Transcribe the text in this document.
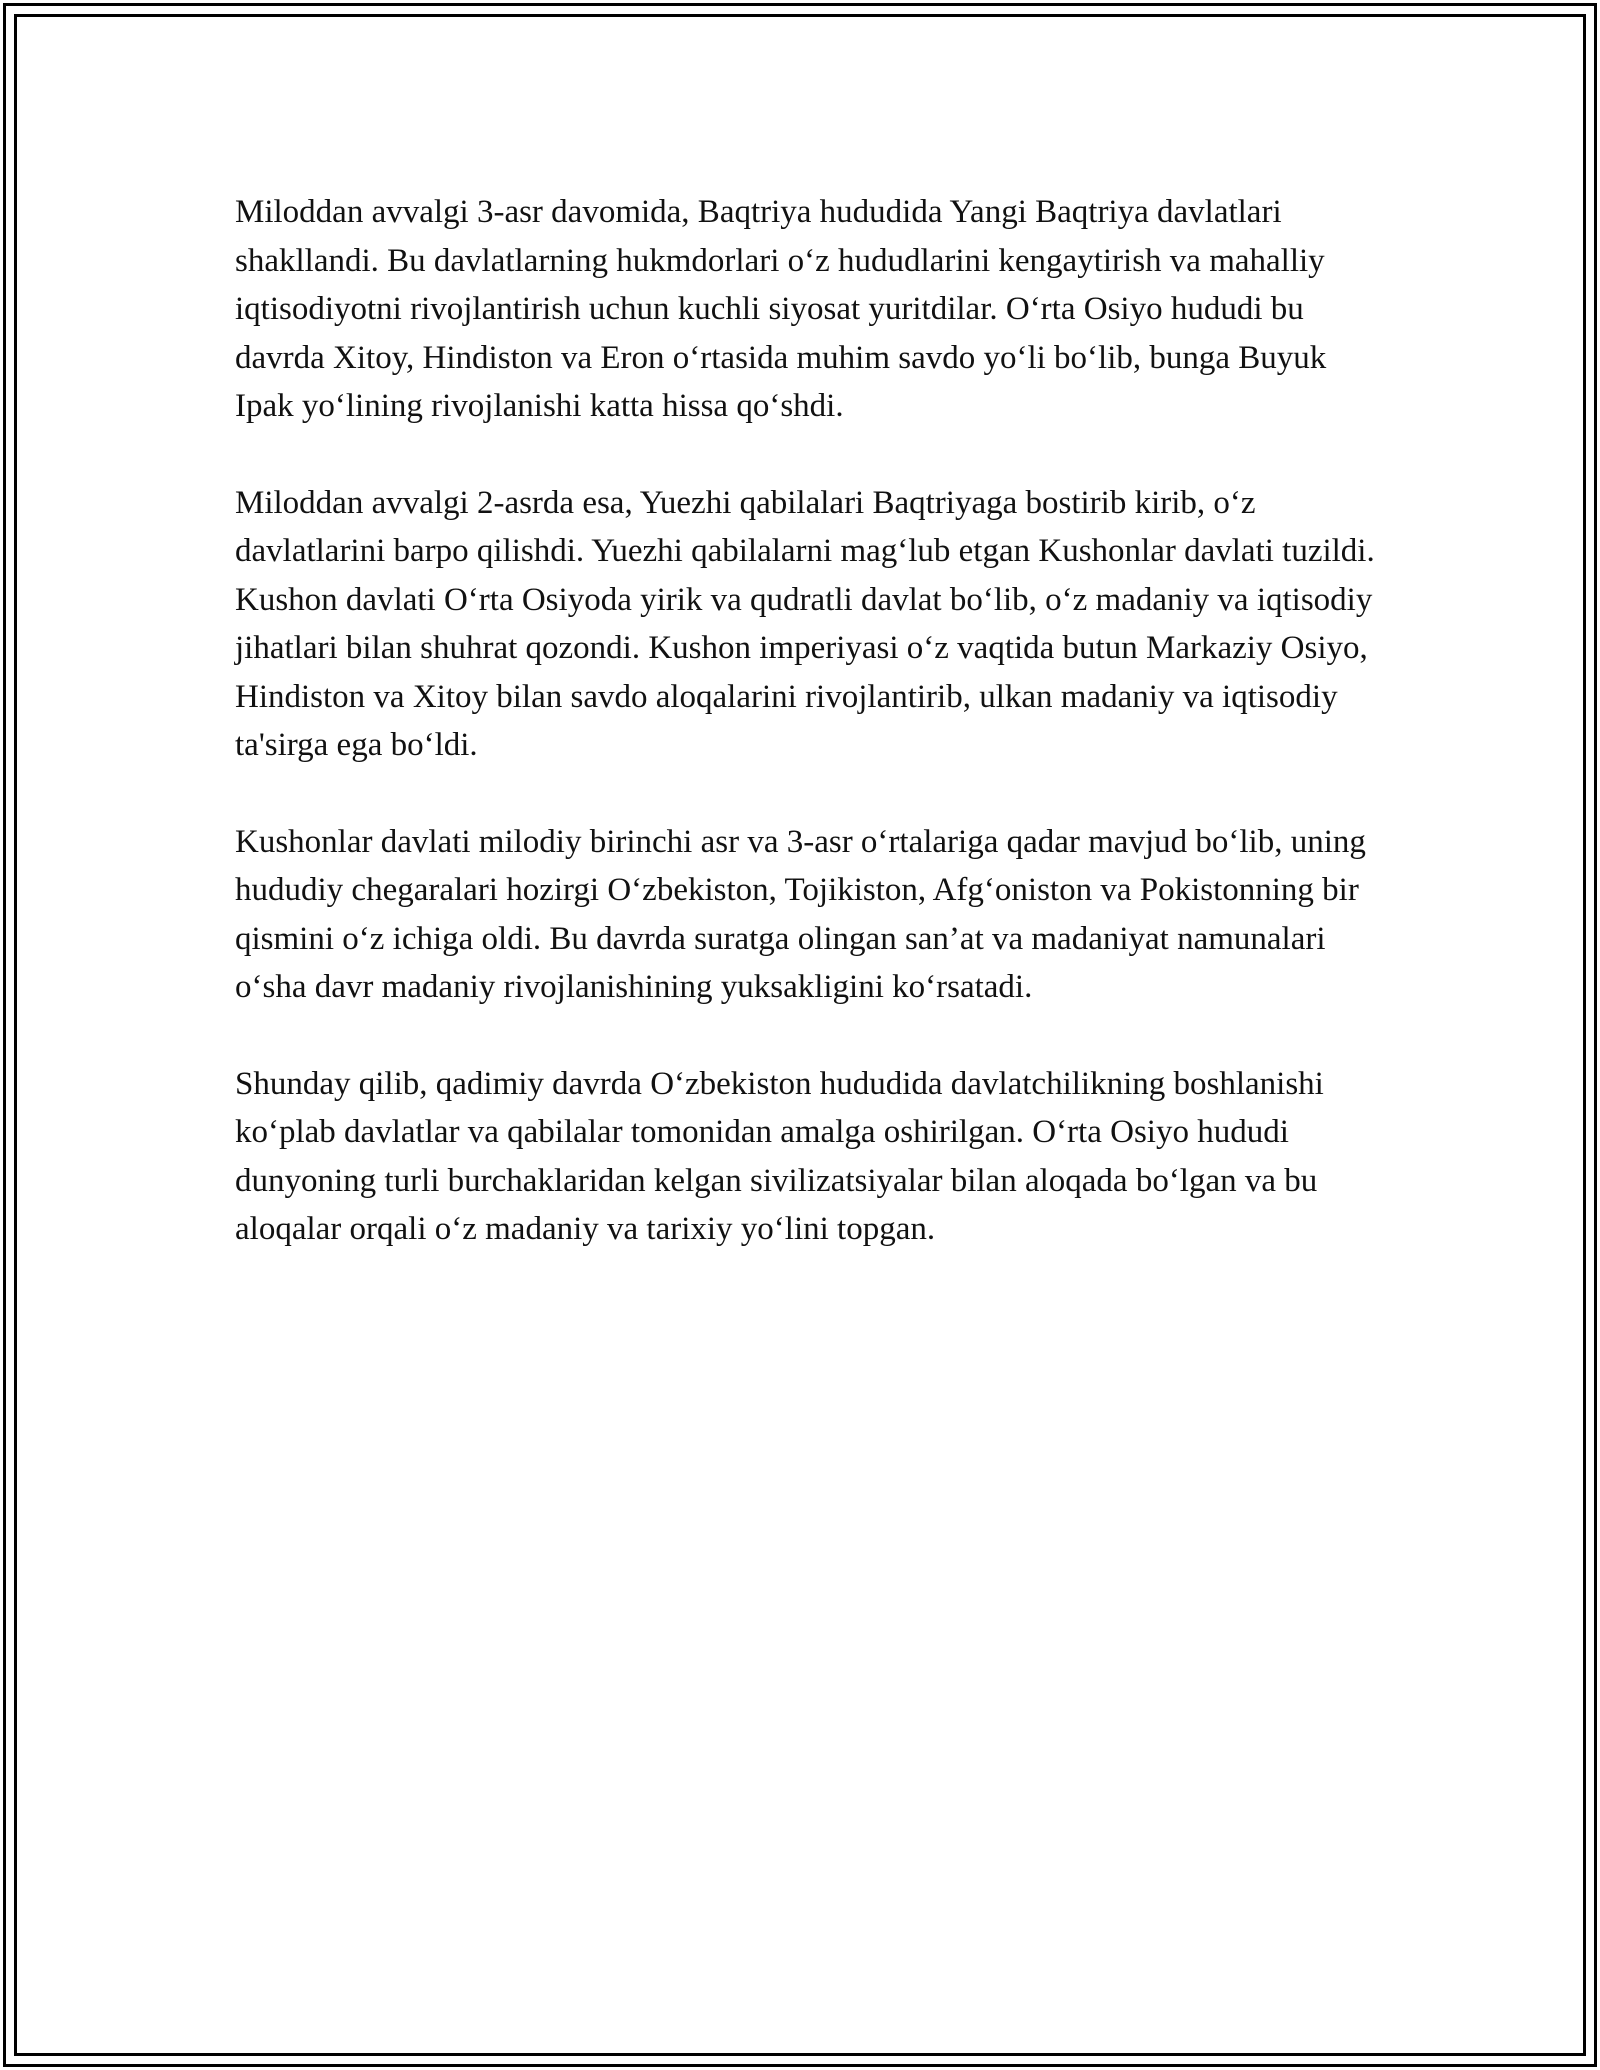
Miloddan avvalgi 3-asr davomida, Baqtriya hududida Yangi Baqtriya davlatlari shakllandi. Bu davlatlarning hukmdorlari o‘z hududlarini kengaytirish va mahalliy iqtisodiyotni rivojlantirish uchun kuchli siyosat yuritdilar. O‘rta Osiyo hududi bu davrda Xitoy, Hindiston va Eron o‘rtasida muhim savdo yo‘li bo‘lib, bunga Buyuk Ipak yo‘lining rivojlanishi katta hissa qo‘shdi.

Miloddan avvalgi 2-asrda esa, Yuezhi qabilalari Baqtriyaga bostirib kirib, o‘z davlatlarini barpo qilishdi. Yuezhi qabilalarni mag‘lub etgan Kushonlar davlati tuzildi. Kushon davlati O‘rta Osiyoda yirik va qudratli davlat bo‘lib, o‘z madaniy va iqtisodiy jihatlari bilan shuhrat qozondi. Kushon imperiyasi o‘z vaqtida butun Markaziy Osiyo, Hindiston va Xitoy bilan savdo aloqalarini rivojlantirib, ulkan madaniy va iqtisodiy ta'sirga ega bo‘ldi.

Kushonlar davlati milodiy birinchi asr va 3-asr o‘rtalariga qadar mavjud bo‘lib, uning hududiy chegaralari hozirgi O‘zbekiston, Tojikiston, Afg‘oniston va Pokistonning bir qismini o‘z ichiga oldi. Bu davrda suratga olingan san’at va madaniyat namunalari o‘sha davr madaniy rivojlanishining yuksakligini ko‘rsatadi.

Shunday qilib, qadimiy davrda O‘zbekiston hududida davlatchilikning boshlanishi ko‘plab davlatlar va qabilalar tomonidan amalga oshirilgan. O‘rta Osiyo hududi dunyoning turli burchaklaridan kelgan sivilizatsiyalar bilan aloqada bo‘lgan va bu aloqalar orqali o‘z madaniy va tarixiy yo‘lini topgan.
